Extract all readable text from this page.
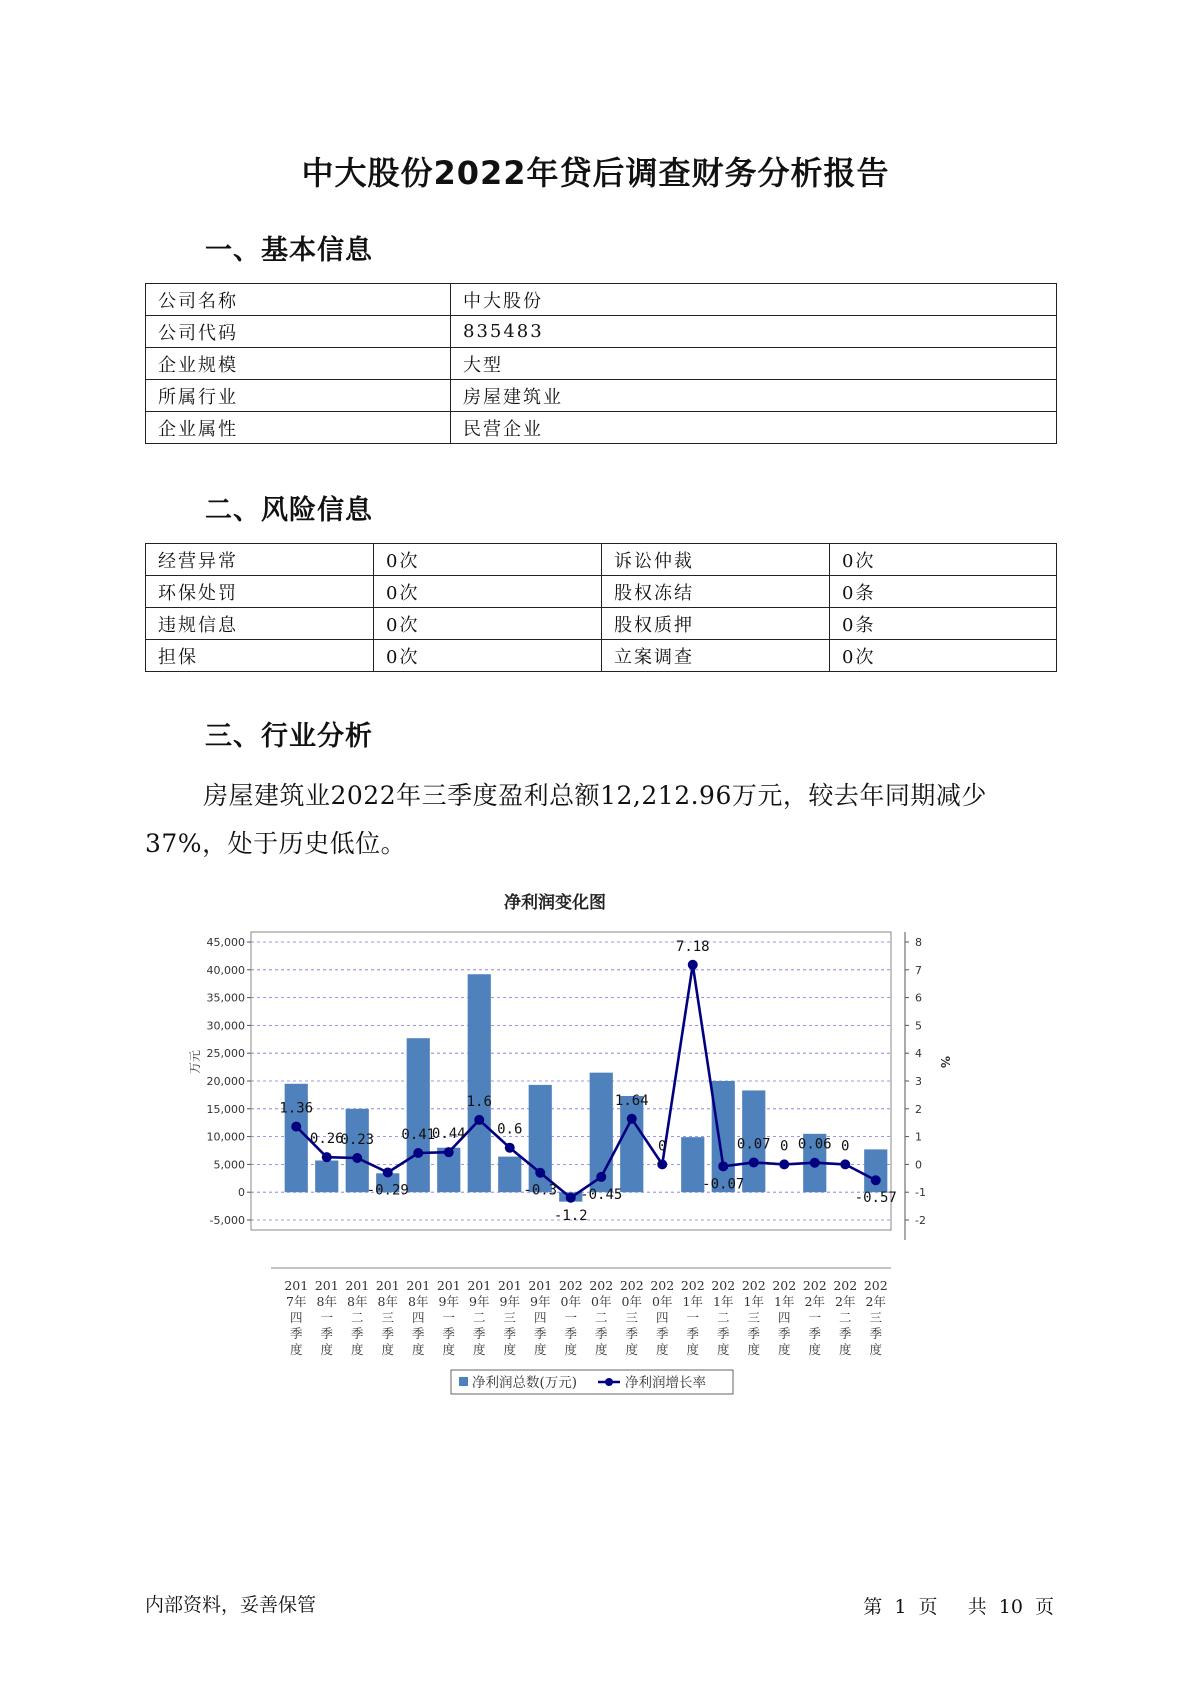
中大股份2022年贷后调查财务分析报告
一、基本信息
公司名称	中大股份
公司代码	835483
企业规模	大型
所属行业	房屋建筑业
企业属性	民营企业
二、风险信息
经营异常	0次	诉讼仲裁	0次
环保处罚	0次	股权冻结	0条
违规信息	0次	股权质押	0条
担保	0次	立案调查	0次
三、行业分析
房屋建筑业2022年三季度盈利总额12,212.96万元，较去年同期减少37%，处于历史低位。
净利润变化图
-5,000
0
5,000
10,000
15,000
20,000
25,000
30,000
35,000
40,000
45,000
-2
-1
0
1
2
3
4
5
6
7
8
万元	%
1.36
0.26
0.23
-0.29
0.41
0.44
1.6
0.6
-0.3
-1.2
-0.45
1.64
0
7.18
-0.07
0.07 0 0.06 0
-0.57
201
7年
四
季
度
201
8年
一
季
度
201
8年
二
季
度
201
8年
三
季
度
201
8年
四
季
度
201
9年
一
季
度
201
9年
二
季
度
201
9年
三
季
度
201
9年
四
季
度
202
0年
一
季
度
202
0年
二
季
度
202
0年
三
季
度
202
0年
四
季
度
202
1年
一
季
度
202
1年
二
季
度
202
1年
三
季
度
202
1年
四
季
度
202
2年
一
季
度
202
2年
二
季
度
202
2年
三
季
度
净利润总数(万元)	净利润增长率
内部资料，妥善保管	第 1 页 共 10 页
